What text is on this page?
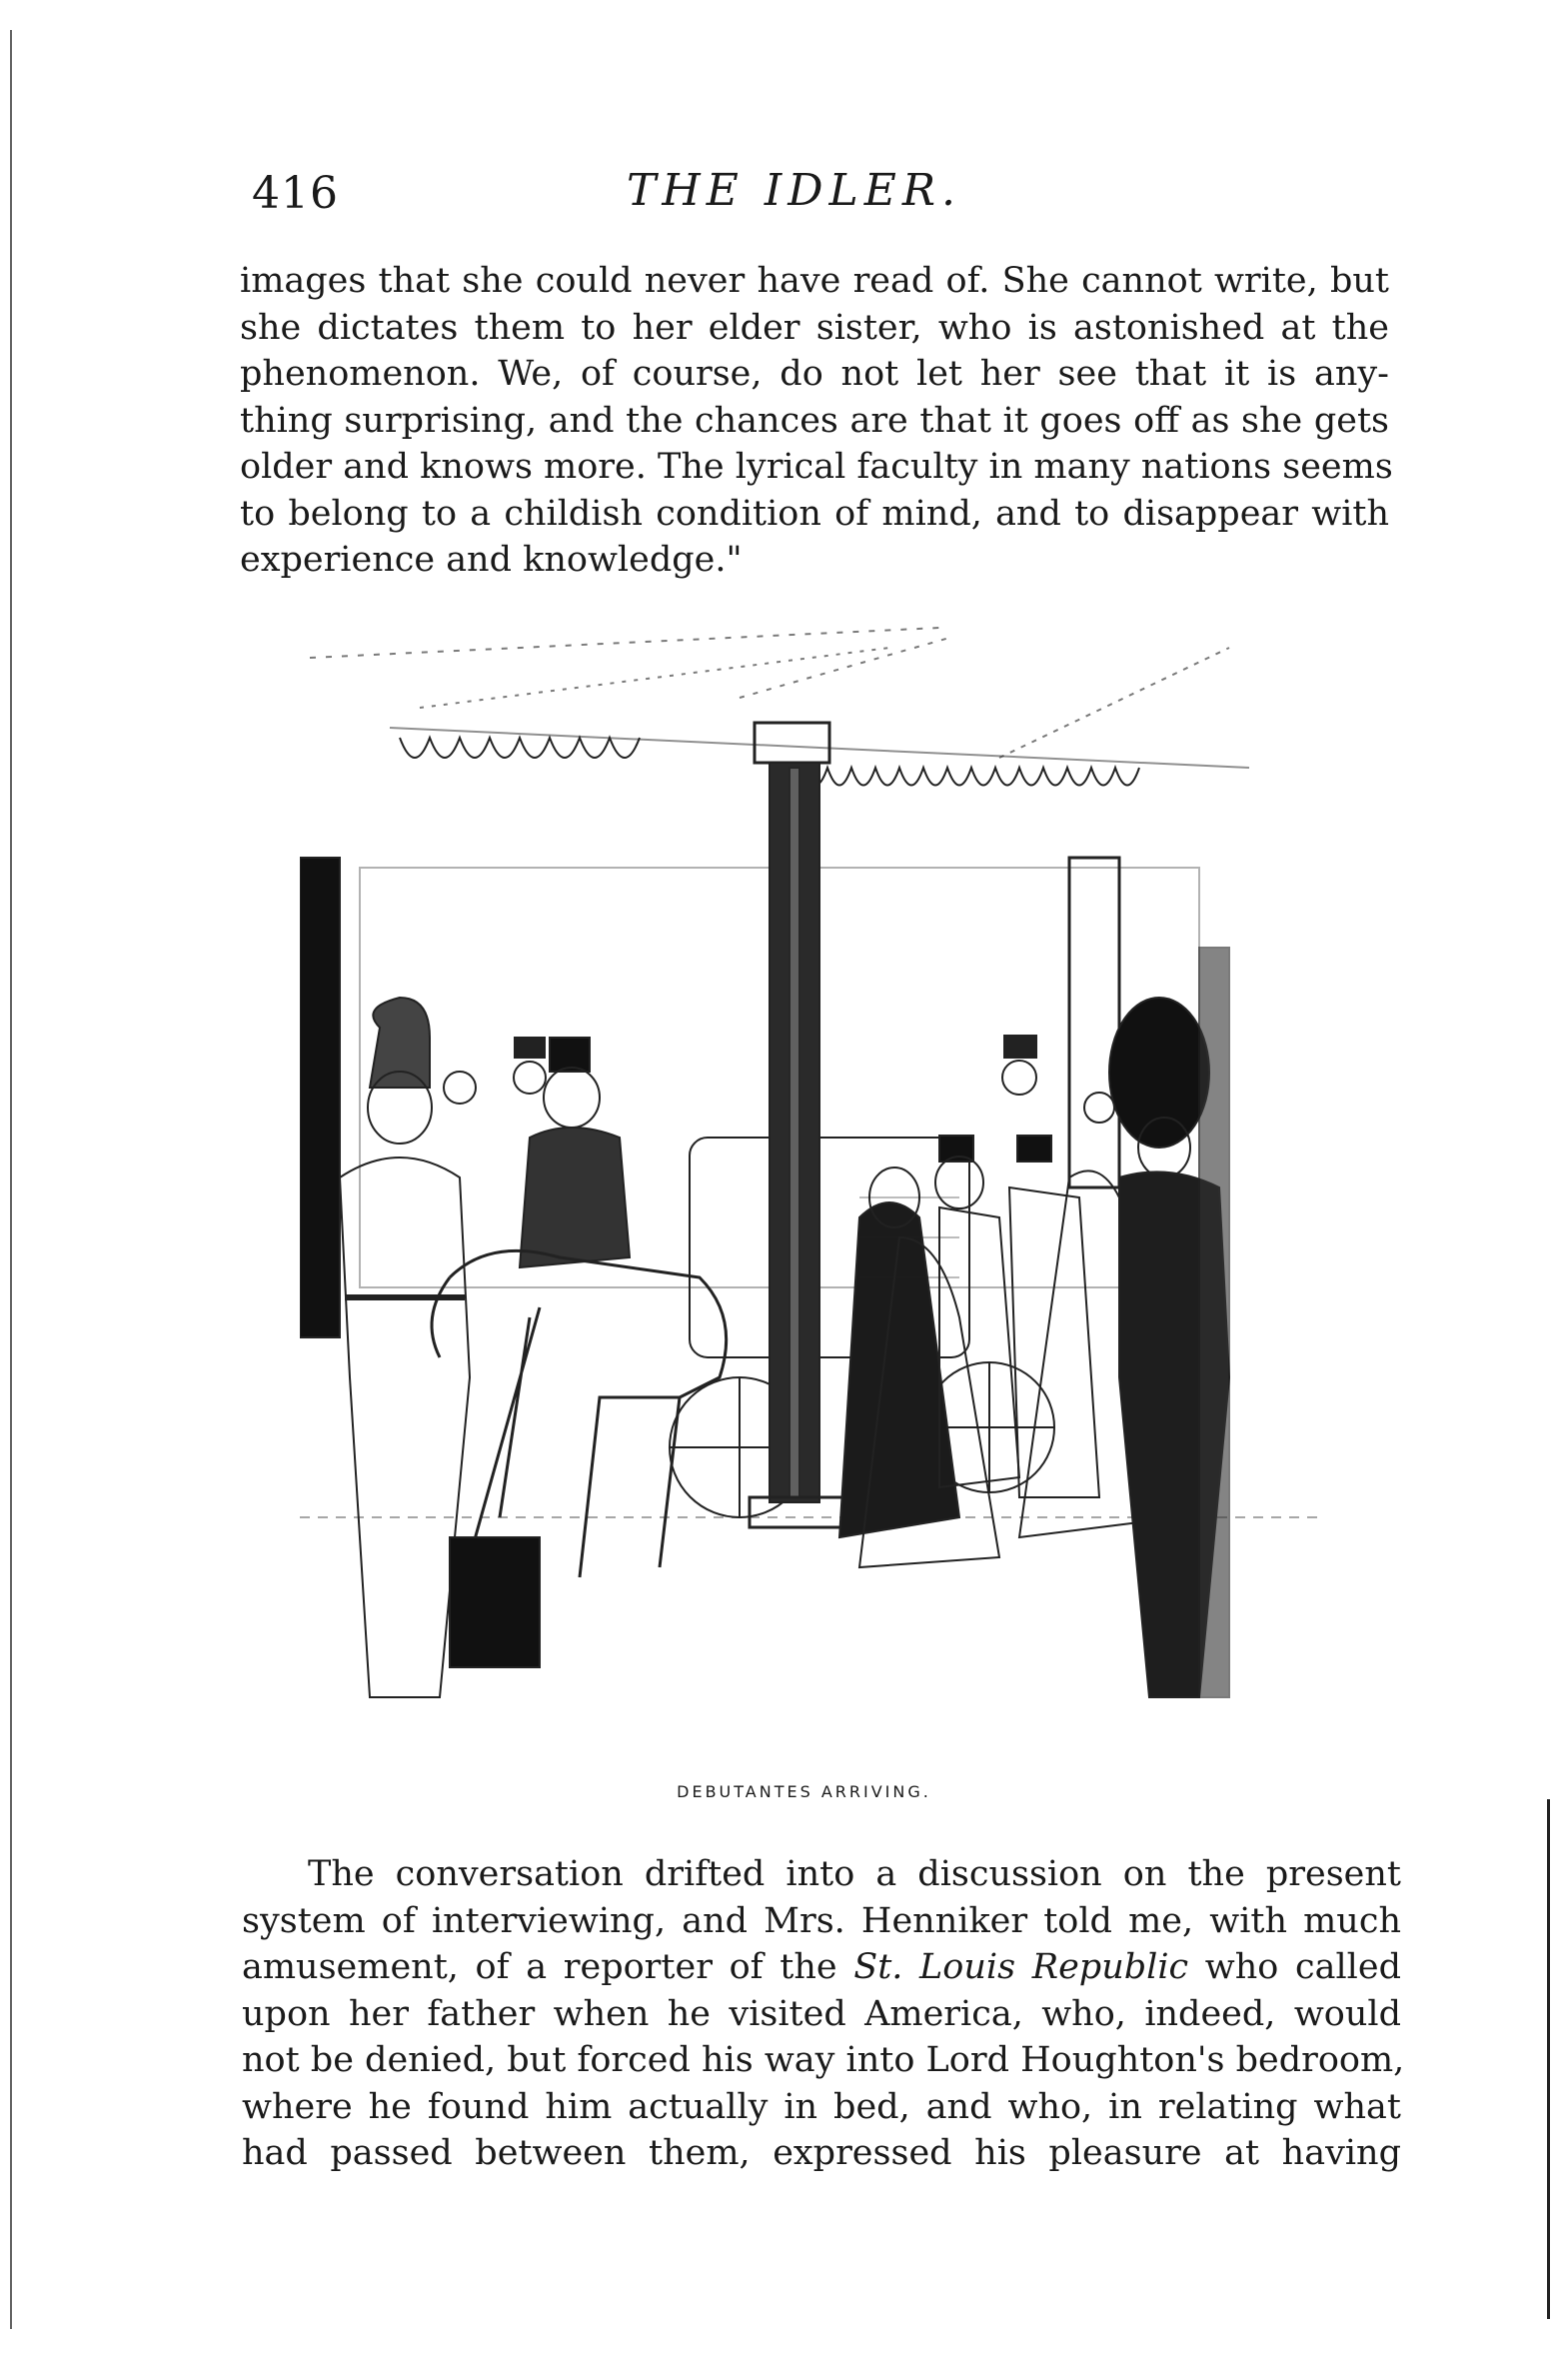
416	THE IDLER.
images that she could never have read of. She cannot write, but
she dictates them to her elder sister, who is astonished at the
phenomenon. We, of course, do not let her see that it is any-
thing surprising, and the chances are that it goes off as she gets
older and knows more. The lyrical faculty in many nations seems
to belong to a childish condition of mind, and to disappear with
experience and knowledge."
DEBUTANTES ARRIVING.
The conversation drifted into a discussion on the present
system of interviewing, and Mrs. Henniker told me, with much
amusement, of a reporter of the St. Louis Republic who called
upon her father when he visited America, who, indeed, would
not be denied, but forced his way into Lord Houghton's bedroom,
where he found him actually in bed, and who, in relating what
had passed between them, expressed his pleasure at having
